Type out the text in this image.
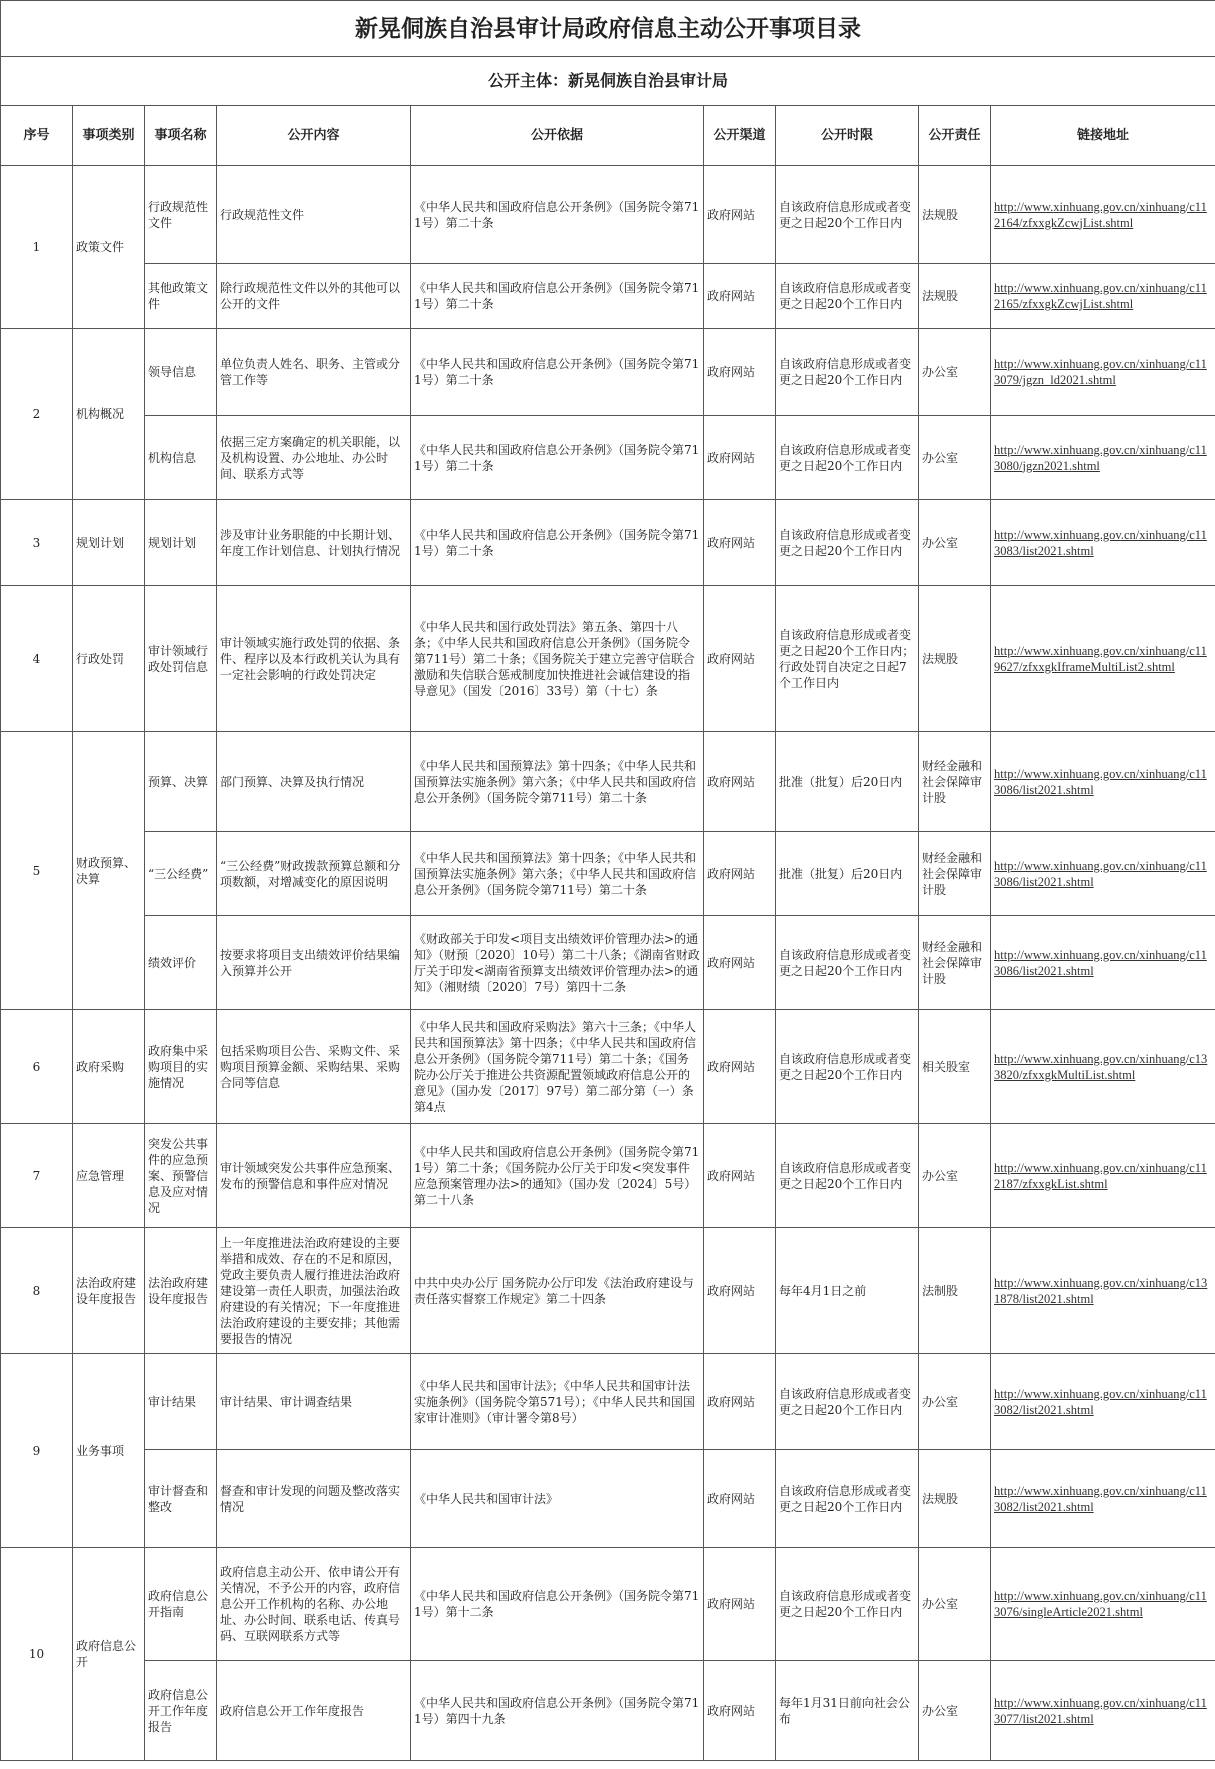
新晃侗族自治县审计局政府信息主动公开事项目录								
公开主体：新晃侗族自治县审计局								
序号	事项类别	事项名称	公开内容	公开依据	公开渠道	公开时限	公开责任	链接地址
1	政策文件	行政规范性文件	行政规范性文件	《中华人民共和国政府信息公开条例》（国务院令第711号）第二十条	政府网站	自该政府信息形成或者变更之日起20个工作日内	法规股	http://www.xinhuang.gov.cn/xinhuang/c112164/zfxxgkZcwjList.shtml
		其他政策文件	除行政规范性文件以外的其他可以公开的文件	《中华人民共和国政府信息公开条例》（国务院令第711号）第二十条	政府网站	自该政府信息形成或者变更之日起20个工作日内	法规股	http://www.xinhuang.gov.cn/xinhuang/c112165/zfxxgkZcwjList.shtml
2	机构概况	领导信息	单位负责人姓名、职务、主管或分管工作等	《中华人民共和国政府信息公开条例》（国务院令第711号）第二十条	政府网站	自该政府信息形成或者变更之日起20个工作日内	办公室	http://www.xinhuang.gov.cn/xinhuang/c113079/jgzn_ld2021.shtml
		机构信息	依据三定方案确定的机关职能，以及机构设置、办公地址、办公时间、联系方式等	《中华人民共和国政府信息公开条例》（国务院令第711号）第二十条	政府网站	自该政府信息形成或者变更之日起20个工作日内	办公室	http://www.xinhuang.gov.cn/xinhuang/c113080/jgzn2021.shtml
3	规划计划	规划计划	涉及审计业务职能的中长期计划、年度工作计划信息、计划执行情况	《中华人民共和国政府信息公开条例》（国务院令第711号）第二十条	政府网站	自该政府信息形成或者变更之日起20个工作日内	办公室	http://www.xinhuang.gov.cn/xinhuang/c113083/list2021.shtml
4	行政处罚	审计领域行政处罚信息	审计领域实施行政处罚的依据、条件、程序以及本行政机关认为具有一定社会影响的行政处罚决定	《中华人民共和国行政处罚法》第五条、第四十八条；《中华人民共和国政府信息公开条例》（国务院令第711号）第二十条；《国务院关于建立完善守信联合激励和失信联合惩戒制度加快推进社会诚信建设的指导意见》（国发〔2016〕33号）第（十七）条	政府网站	自该政府信息形成或者变更之日起20个工作日内；行政处罚自决定之日起7个工作日内	法规股	http://www.xinhuang.gov.cn/xinhuang/c119627/zfxxgkIframeMultiList2.shtml
5	财政预算、决算	预算、决算	部门预算、决算及执行情况	《中华人民共和国预算法》第十四条；《中华人民共和国预算法实施条例》第六条；《中华人民共和国政府信息公开条例》（国务院令第711号）第二十条	政府网站	批准（批复）后20日内	财经金融和社会保障审计股	http://www.xinhuang.gov.cn/xinhuang/c113086/list2021.shtml
		“三公经费”	“三公经费”财政拨款预算总额和分项数额，对增减变化的原因说明	《中华人民共和国预算法》第十四条；《中华人民共和国预算法实施条例》第六条；《中华人民共和国政府信息公开条例》（国务院令第711号）第二十条	政府网站	批准（批复）后20日内	财经金融和社会保障审计股	http://www.xinhuang.gov.cn/xinhuang/c113086/list2021.shtml
		绩效评价	按要求将项目支出绩效评价结果编入预算并公开	《财政部关于印发<项目支出绩效评价管理办法>的通知》（财预〔2020〕10号）第二十八条；《湖南省财政厅关于印发<湖南省预算支出绩效评价管理办法>的通知》（湘财绩〔2020〕7号）第四十二条	政府网站	自该政府信息形成或者变更之日起20个工作日内	财经金融和社会保障审计股	http://www.xinhuang.gov.cn/xinhuang/c113086/list2021.shtml
6	政府采购	政府集中采购项目的实施情况	包括采购项目公告、采购文件、采购项目预算金额、采购结果、采购合同等信息	《中华人民共和国政府采购法》第六十三条；《中华人民共和国预算法》第十四条；《中华人民共和国政府信息公开条例》（国务院令第711号）第二十条；《国务院办公厅关于推进公共资源配置领域政府信息公开的意见》（国办发〔2017〕97号）第二部分第（一）条第4点	政府网站	自该政府信息形成或者变更之日起20个工作日内	相关股室	http://www.xinhuang.gov.cn/xinhuang/c133820/zfxxgkMultiList.shtml
7	应急管理	突发公共事件的应急预案、预警信息及应对情况	审计领域突发公共事件应急预案、发布的预警信息和事件应对情况	《中华人民共和国政府信息公开条例》（国务院令第711号）第二十条；《国务院办公厅关于印发<突发事件应急预案管理办法>的通知》（国办发〔2024〕5号）第二十八条	政府网站	自该政府信息形成或者变更之日起20个工作日内	办公室	http://www.xinhuang.gov.cn/xinhuang/c112187/zfxxgkList.shtml
8	法治政府建设年度报告	法治政府建设年度报告	上一年度推进法治政府建设的主要举措和成效、存在的不足和原因，党政主要负责人履行推进法治政府建设第一责任人职责，加强法治政府建设的有关情况；下一年度推进法治政府建设的主要安排；其他需要报告的情况	中共中央办公厅 国务院办公厅印发《法治政府建设与责任落实督察工作规定》第二十四条	政府网站	每年4月1日之前	法制股	http://www.xinhuang.gov.cn/xinhuang/c131878/list2021.shtml
9	业务事项	审计结果	审计结果、审计调查结果	《中华人民共和国审计法》；《中华人民共和国审计法实施条例》（国务院令第571号）；《中华人民共和国国家审计准则》（审计署令第8号）	政府网站	自该政府信息形成或者变更之日起20个工作日内	办公室	http://www.xinhuang.gov.cn/xinhuang/c113082/list2021.shtml
		审计督查和整改	督查和审计发现的问题及整改落实情况	《中华人民共和国审计法》	政府网站	自该政府信息形成或者变更之日起20个工作日内	法规股	http://www.xinhuang.gov.cn/xinhuang/c113082/list2021.shtml
10	政府信息公开	政府信息公开指南	政府信息主动公开、依申请公开有关情况，不予公开的内容，政府信息公开工作机构的名称、办公地址、办公时间、联系电话、传真号码、互联网联系方式等	《中华人民共和国政府信息公开条例》（国务院令第711号）第十二条	政府网站	自该政府信息形成或者变更之日起20个工作日内	办公室	http://www.xinhuang.gov.cn/xinhuang/c113076/singleArticle2021.shtml
		政府信息公开工作年度报告	政府信息公开工作年度报告	《中华人民共和国政府信息公开条例》（国务院令第711号）第四十九条	政府网站	每年1月31日前向社会公布	办公室	http://www.xinhuang.gov.cn/xinhuang/c113077/list2021.shtml
